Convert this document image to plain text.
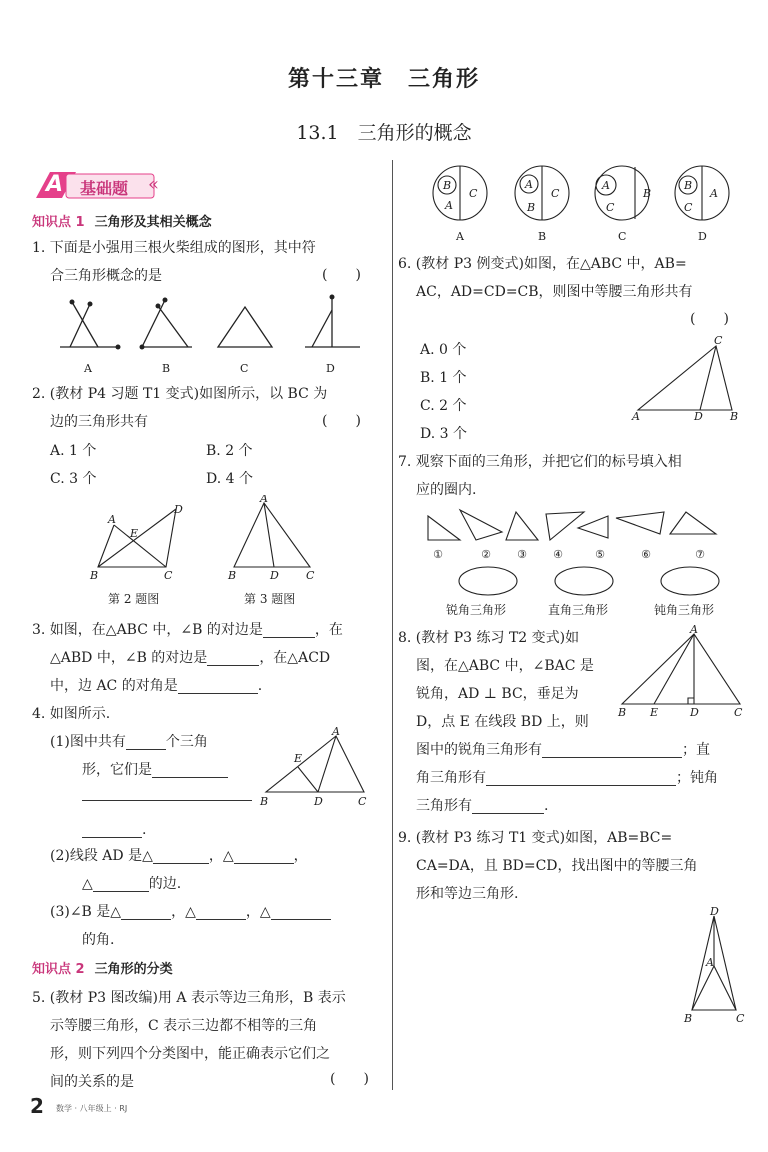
第十三章　三角形
13.1　三角形的概念
A 基础题 «
知识点 1 三角形及其相关概念
1. 下面是小强用三根火柴组成的图形，其中符
合三角形概念的是	(　　)
A	B	C	D
2. (教材 P4 习题 T1 变式)如图所示，以 BC 为
边的三角形共有	(　　)
A. 1 个	B. 2 个
C. 3 个	D. 4 个
A
E
D
B	C
A
B	D C
第 2 题图	第 3 题图
3. 如图，在△ABC 中，∠B 的对边是	，在
△ABD 中，∠B 的对边是	，在△ACD
中，边 AC 的对角是	.
4. 如图所示.
(1)图中共有	个三角
形，它们是
.
A
E
B	D	C
(2)线段 AD 是△	，△	，
△	的边.
(3)∠B 是△	，△	，△
的角.
知识点 2 三角形的分类
5. (教材 P3 图改编)用 A 表示等边三角形，B 表示
示等腰三角形，C 表示三边都不相等的三角
形，则下列四个分类图中，能正确表示它们之
间的关系的是	(　　)
B
C
A
A
C
B
A
B
C
B
A
C
A	B	C	D
6. (教材 P3 例变式)如图，在△ABC 中，AB=
AC，AD=CD=CB，则图中等腰三角形共有
(　　)
A. 0 个
B. 1 个
C. 2 个
D. 3 个
C
A	D B
7. 观察下面的三角形，并把它们的标号填入相
应的圈内.
①	② ③ ④	⑤	⑥	⑦
锐角三角形	直角三角形	钝角三角形
8. (教材 P3 练习 T2 变式)如
图，在△ABC 中，∠BAC 是
锐角，AD ⊥ BC，垂足为
D，点 E 在线段 BD 上，则
A
B E	D	C
图中的锐角三角形有	；直
角三角形有	；钝角
三角形有	.
9. (教材 P3 练习 T1 变式)如图，AB=BC=
CA=DA，且 BD=CD，找出图中的等腰三角
形和等边三角形.
D
A
B	C
2 数学 · 八年级上 · RJ
